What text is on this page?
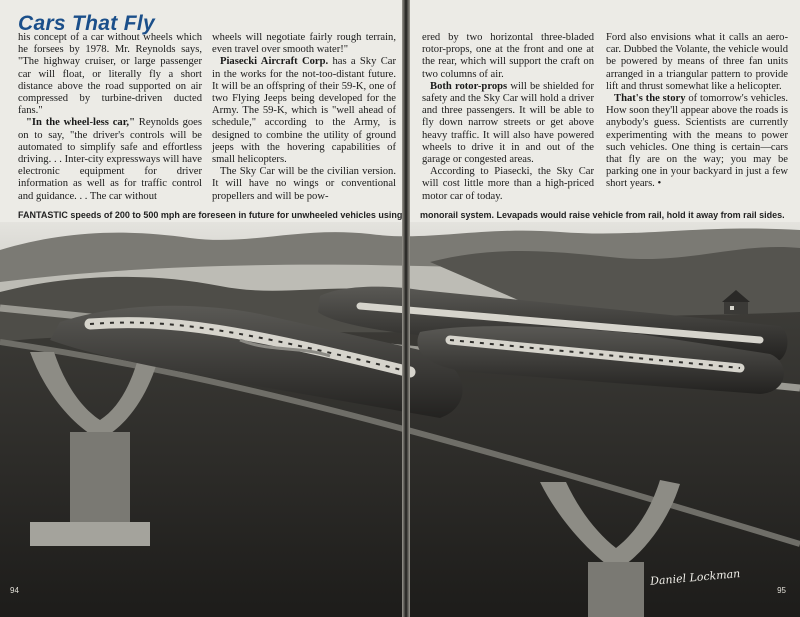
Cars That Fly

his concept of a car without wheels which he forsees by 1978. Mr. Reynolds says, "The highway cruiser, or large passenger car will float, or literally fly a short distance above the road supported on air compressed by turbine-driven ducted fans."

"In the wheel-less car," Reynolds goes on to say, "the driver's controls will be automated to simplify safe and effortless driving. . . Inter-city expressways will have electronic equipment for driver information as well as for traffic control and guidance. . . The car without

wheels will negotiate fairly rough terrain, even travel over smooth water!"

Piasecki Aircraft Corp. has a Sky Car in the works for the not-too-distant future. It will be an offspring of their 59-K, one of two Flying Jeeps being developed for the Army. The 59-K, which is "well ahead of schedule," according to the Army, is designed to combine the utility of ground jeeps with the hovering capabilities of small helicopters.

The Sky Car will be the civilian version. It will have no wings or conventional propellers and will be pow-

FANTASTIC speeds of 200 to 500 mph are foreseen in future for unwheeled vehicles using

ered by two horizontal three-bladed rotor-props, one at the front and one at the rear, which will support the craft on two columns of air.

Both rotor-props will be shielded for safety and the Sky Car will hold a driver and three passengers. It will be able to fly down narrow streets or get above heavy traffic. It will also have powered wheels to drive it in and out of the garage or congested areas.

According to Piasecki, the Sky Car will cost little more than a high-priced motor car of today.

Ford also envisions what it calls an aero-car. Dubbed the Volante, the vehicle would be powered by means of three fan units arranged in a triangular pattern to provide lift and thrust somewhat like a helicopter.

That's the story of tomorrow's vehicles. How soon they'll appear above the roads is anybody's guess. Scientists are currently experimenting with the means to power such vehicles. One thing is certain—cars that fly are on the way; you may be parking one in your backyard in just a few short years. •

monorail system. Levapads would raise vehicle from rail, hold it away from rail sides.

94	95

Daniel Lockman
